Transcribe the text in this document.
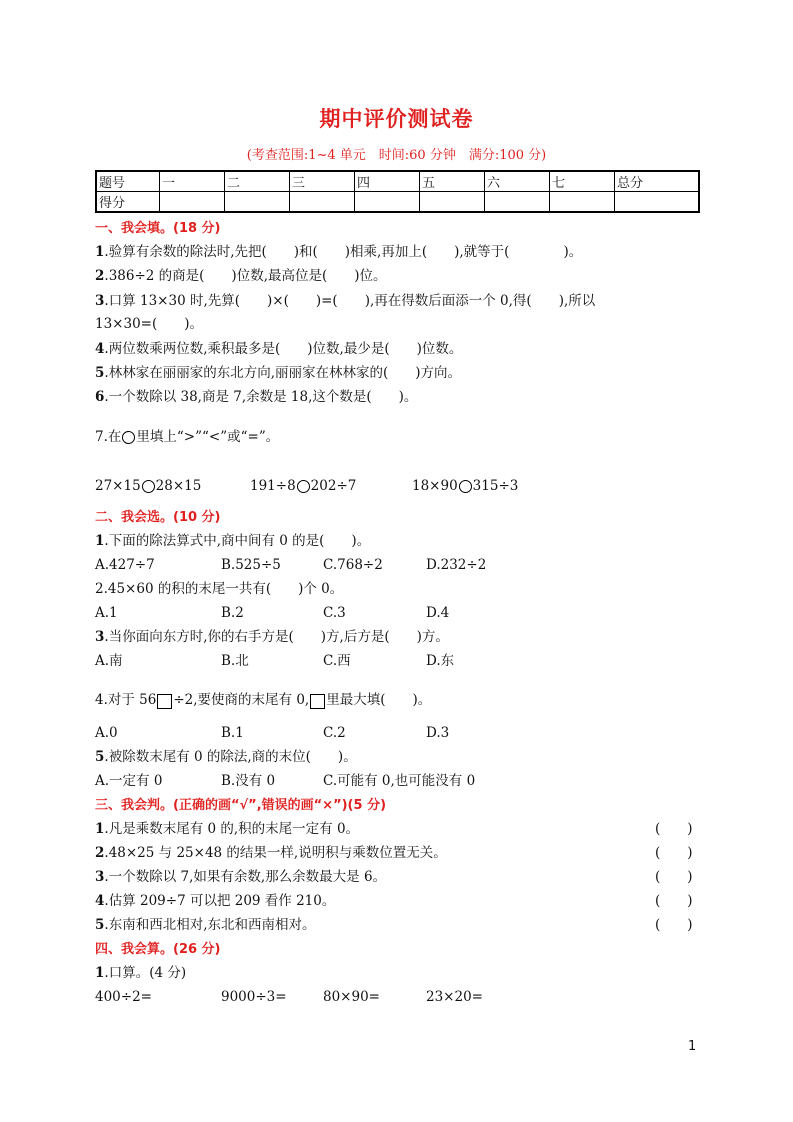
期中评价测试卷
(考查范围:1~4 单元　时间:60 分钟　满分:100 分)
题号	一	二	三	四	五	六	七	总分
得分								
一、我会填。(18 分)
1.验算有余数的除法时,先把(　　)和(　　)相乘,再加上(　　),就等于(　　　　)。
2.386÷2 的商是(　　)位数,最高位是(　　)位。
3.口算 13×30 时,先算(　　)×(　　)=(　　),再在得数后面添一个 0,得(　　),所以
13×30=(　　)。
4.两位数乘两位数,乘积最多是(　　)位数,最少是(　　)位数。
5.林林家在丽丽家的东北方向,丽丽家在林林家的(　　)方向。
6.一个数除以 38,商是 7,余数是 18,这个数是(　　)。
7.在 里填上“>”“<”或“=”。
27×15 28×15	191÷8 202÷7	18×90 315÷3
二、我会选。(10 分)
1.下面的除法算式中,商中间有 0 的是(　　)。
A.427÷7	B.525÷5	C.768÷2	D.232÷2
2.45×60 的积的末尾一共有(　　)个 0。
A.1	B.2	C.3	D.4
3.当你面向东方时,你的右手方是(　　)方,后方是(　　)方。
A.南	B.北	C.西	D.东
4.对于 56 ÷2,要使商的末尾有 0, 里最大填(　　)。
A.0	B.1	C.2	D.3
5.被除数末尾有 0 的除法,商的末位(　　)。
A.一定有 0	B.没有 0	C.可能有 0,也可能没有 0
三、我会判。(正确的画“√”,错误的画“×”)(5 分)
1.凡是乘数末尾有 0 的,积的末尾一定有 0。	(　　)
2.48×25 与 25×48 的结果一样,说明积与乘数位置无关。	(　　)
3.一个数除以 7,如果有余数,那么余数最大是 6。	(　　)
4.估算 209÷7 可以把 209 看作 210。	(　　)
5.东南和西北相对,东北和西南相对。	(　　)
四、我会算。(26 分)
1.口算。(4 分)
400÷2=	9000÷3=	80×90=	23×20=
1
